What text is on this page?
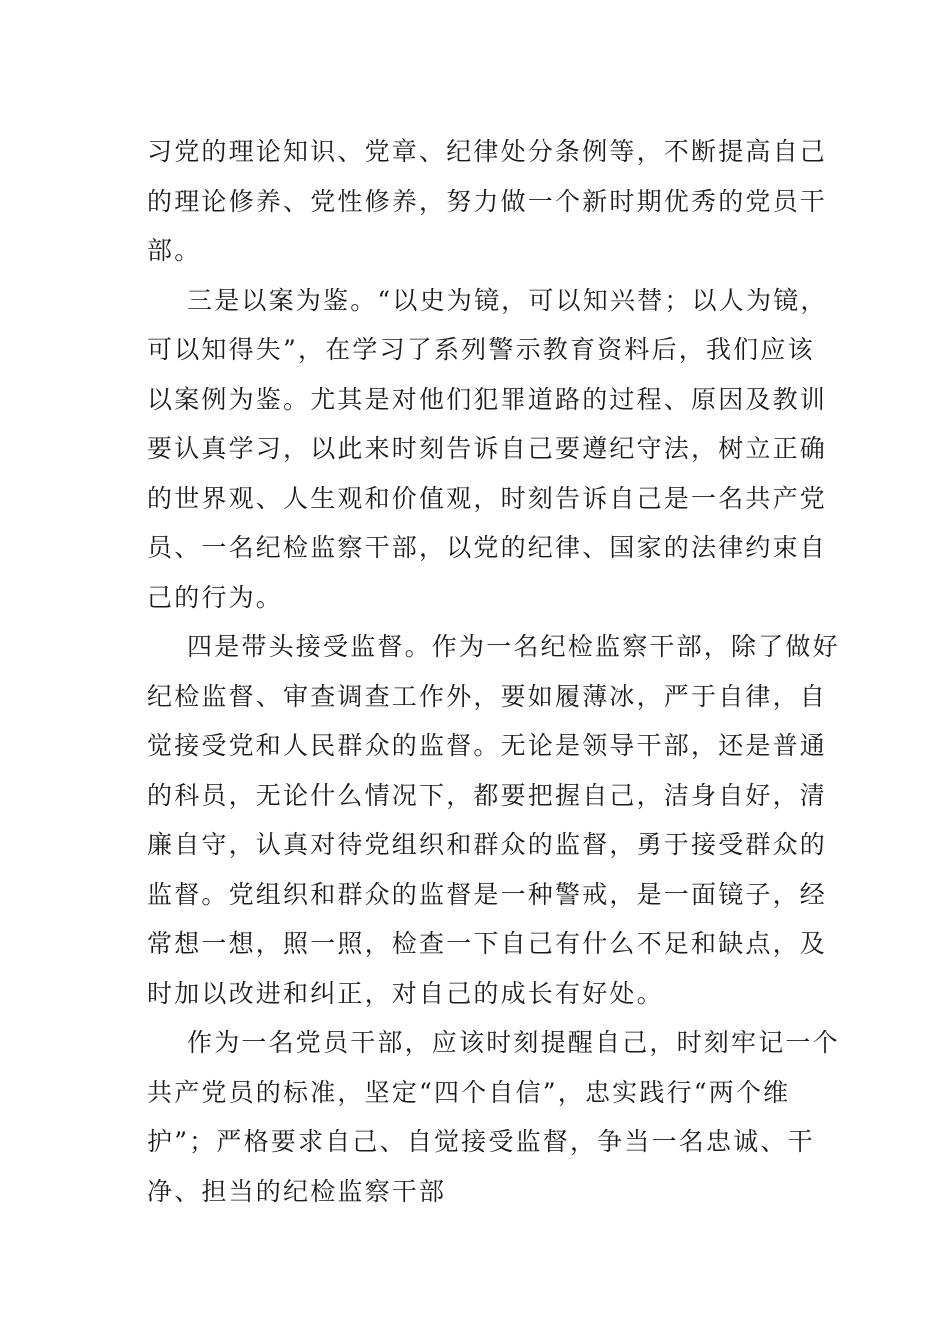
习党的理论知识、党章、纪律处分条例等，不断提高自己
的理论修养、党性修养，努力做一个新时期优秀的党员干
部。
三是以案为鉴。“以史为镜，可以知兴替；以人为镜，
可以知得失”，在学习了系列警示教育资料后，我们应该
以案例为鉴。尤其是对他们犯罪道路的过程、原因及教训
要认真学习，以此来时刻告诉自己要遵纪守法，树立正确
的世界观、人生观和价值观，时刻告诉自己是一名共产党
员、一名纪检监察干部，以党的纪律、国家的法律约束自
己的行为。
四是带头接受监督。作为一名纪检监察干部，除了做好
纪检监督、审查调查工作外，要如履薄冰，严于自律，自
觉接受党和人民群众的监督。无论是领导干部，还是普通
的科员，无论什么情况下，都要把握自己，洁身自好，清
廉自守，认真对待党组织和群众的监督，勇于接受群众的
监督。党组织和群众的监督是一种警戒，是一面镜子，经
常想一想，照一照，检查一下自己有什么不足和缺点，及
时加以改进和纠正，对自己的成长有好处。
作为一名党员干部，应该时刻提醒自己，时刻牢记一个
共产党员的标准，坚定“四个自信”，忠实践行“两个维
护”；严格要求自己、自觉接受监督，争当一名忠诚、干
净、担当的纪检监察干部
